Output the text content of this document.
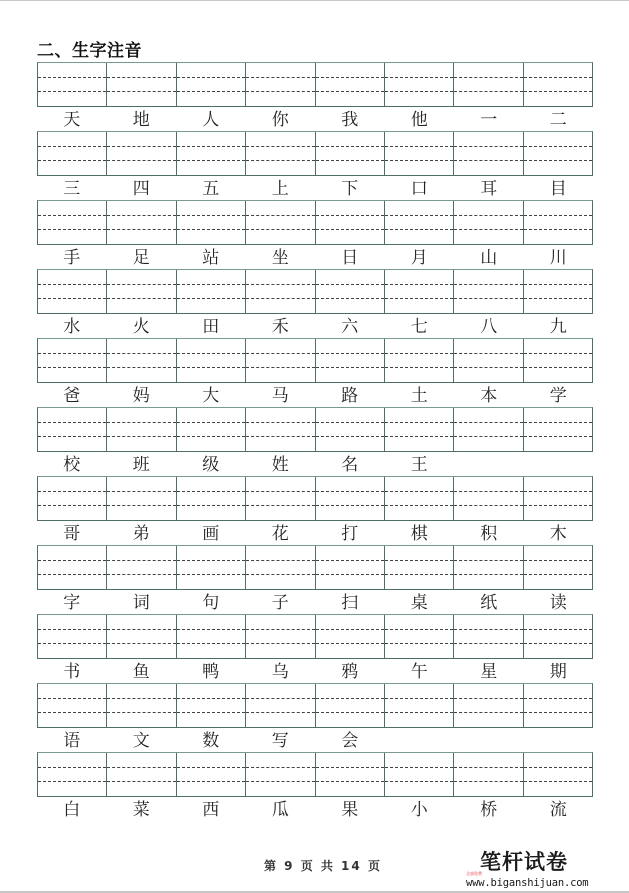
二、生字注音
天	地	人	你	我	他	一	二
三	四	五	上	下	口	耳	目
手	足	站	坐	日	月	山	川
水	火	田	禾	六	七	八	九
爸	妈	大	马	路	土	本	学
校	班	级	姓	名	王
哥	弟	画	花	打	棋	积	木
字	词	句	子	扫	桌	纸	读
书	鱼	鸭	乌	鸦	午	星	期
语	文	数	写	会
白	菜	西	瓜	果	小	桥	流
第 9 页 共 14 页	笔杆试卷
全部免费
www.biganshijuan.com
